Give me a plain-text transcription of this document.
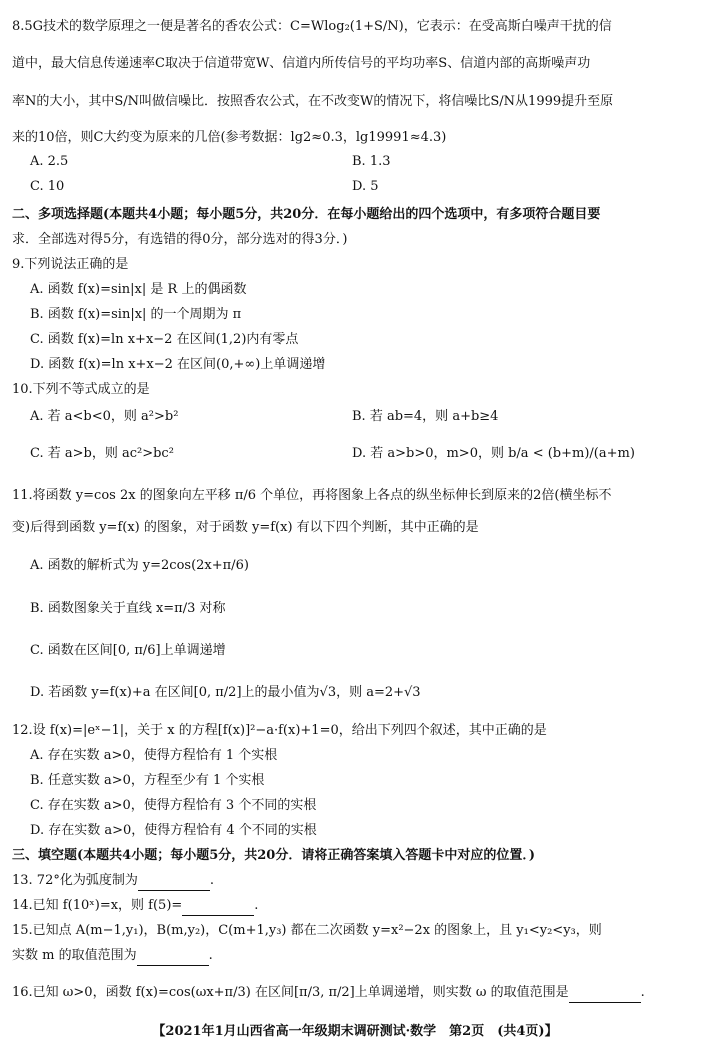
8.5G技术的数学原理之一便是著名的香农公式：C=Wlog₂(1+S/N)，它表示：在受高斯白噪声干扰的信
道中，最大信息传递速率C取决于信道带宽W、信道内所传信号的平均功率S、信道内部的高斯噪声功
率N的大小，其中S/N叫做信噪比．按照香农公式，在不改变W的情况下，将信噪比S/N从1999提升至原
来的10倍，则C大约变为原来的几倍(参考数据：lg2≈0.3，lg19991≈4.3)
A. 2.5	B. 1.3
C. 10	D. 5
二、多项选择题(本题共4小题；每小题5分，共20分．在每小题给出的四个选项中，有多项符合题目要
求．全部选对得5分，有选错的得0分，部分选对的得3分．)
9.下列说法正确的是
A. 函数 f(x)=sin|x| 是 R 上的偶函数
B. 函数 f(x)=sin|x| 的一个周期为 π
C. 函数 f(x)=ln x+x−2 在区间(1,2)内有零点
D. 函数 f(x)=ln x+x−2 在区间(0,+∞)上单调递增
10.下列不等式成立的是
A. 若 a<b<0，则 a²>b²	B. 若 ab=4，则 a+b≥4
C. 若 a>b，则 ac²>bc²	D. 若 a>b>0，m>0，则 b/a < (b+m)/(a+m)
11.将函数 y=cos 2x 的图象向左平移 π/6 个单位，再将图象上各点的纵坐标伸长到原来的2倍(横坐标不
变)后得到函数 y=f(x) 的图象，对于函数 y=f(x) 有以下四个判断，其中正确的是
A. 函数的解析式为 y=2cos(2x+π/6)
B. 函数图象关于直线 x=π/3 对称
C. 函数在区间[0, π/6]上单调递增
D. 若函数 y=f(x)+a 在区间[0, π/2]上的最小值为√3，则 a=2+√3
12.设 f(x)=|eˣ−1|，关于 x 的方程[f(x)]²−a·f(x)+1=0，给出下列四个叙述，其中正确的是
A. 存在实数 a>0，使得方程恰有 1 个实根
B. 任意实数 a>0，方程至少有 1 个实根
C. 存在实数 a>0，使得方程恰有 3 个不同的实根
D. 存在实数 a>0，使得方程恰有 4 个不同的实根
三、填空题(本题共4小题；每小题5分，共20分．请将正确答案填入答题卡中对应的位置．)
13. 72°化为弧度制为	.
14.已知 f(10ˣ)=x，则 f(5)=	.
15.已知点 A(m−1,y₁)，B(m,y₂)，C(m+1,y₃) 都在二次函数 y=x²−2x 的图象上，且 y₁<y₂<y₃，则
实数 m 的取值范围为	.
16.已知 ω>0，函数 f(x)=cos(ωx+π/3) 在区间[π/3, π/2]上单调递增，则实数 ω 的取值范围是	.
【2021年1月山西省高一年级期末调研测试·数学　第2页　(共4页)】
